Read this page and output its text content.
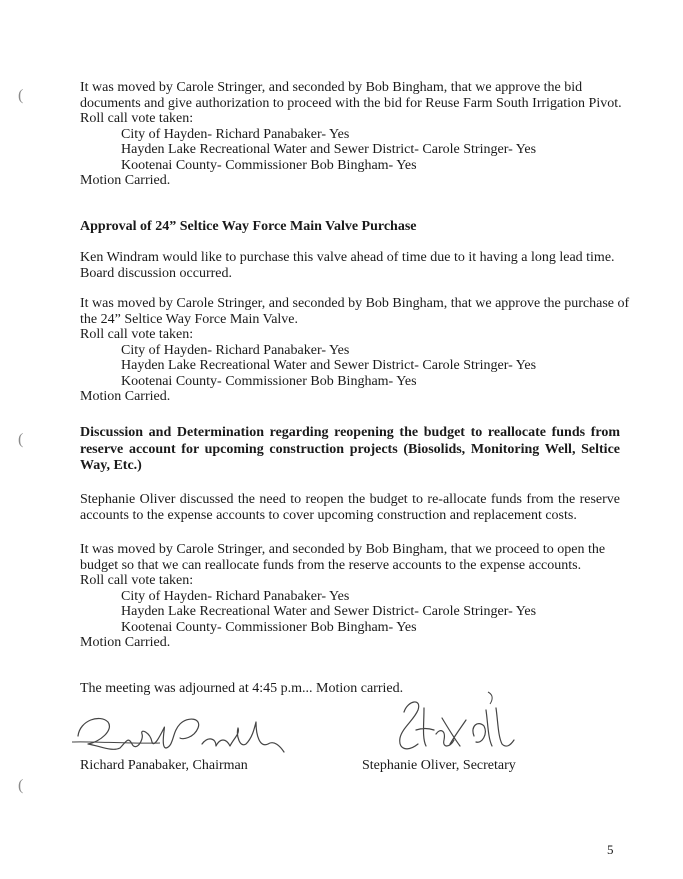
(
(
(
It was moved by Carole Stringer, and seconded by Bob Bingham, that we approve the bid
documents and give authorization to proceed with the bid for Reuse Farm South Irrigation Pivot.
Roll call vote taken:
City of Hayden- Richard Panabaker- Yes
Hayden Lake Recreational Water and Sewer District- Carole Stringer- Yes
Kootenai County- Commissioner Bob Bingham- Yes
Motion Carried.
Approval of 24” Seltice Way Force Main Valve Purchase
Ken Windram would like to purchase this valve ahead of time due to it having a long lead time.
Board discussion occurred.
It was moved by Carole Stringer, and seconded by Bob Bingham, that we approve the purchase of
the 24” Seltice Way Force Main Valve.
Roll call vote taken:
City of Hayden- Richard Panabaker- Yes
Hayden Lake Recreational Water and Sewer District- Carole Stringer- Yes
Kootenai County- Commissioner Bob Bingham- Yes
Motion Carried.
Discussion and Determination regarding reopening the budget to reallocate funds from reserve account for upcoming construction projects (Biosolids, Monitoring Well, Seltice Way, Etc.)
Stephanie Oliver discussed the need to reopen the budget to re-allocate funds from the reserve accounts to the expense accounts to cover upcoming construction and replacement costs.
It was moved by Carole Stringer, and seconded by Bob Bingham, that we proceed to open the
budget so that we can reallocate funds from the reserve accounts to the expense accounts.
Roll call vote taken:
City of Hayden- Richard Panabaker- Yes
Hayden Lake Recreational Water and Sewer District- Carole Stringer- Yes
Kootenai County- Commissioner Bob Bingham- Yes
Motion Carried.
The meeting was adjourned at 4:45 p.m... Motion carried.
Richard Panabaker, Chairman	Stephanie Oliver, Secretary
5
